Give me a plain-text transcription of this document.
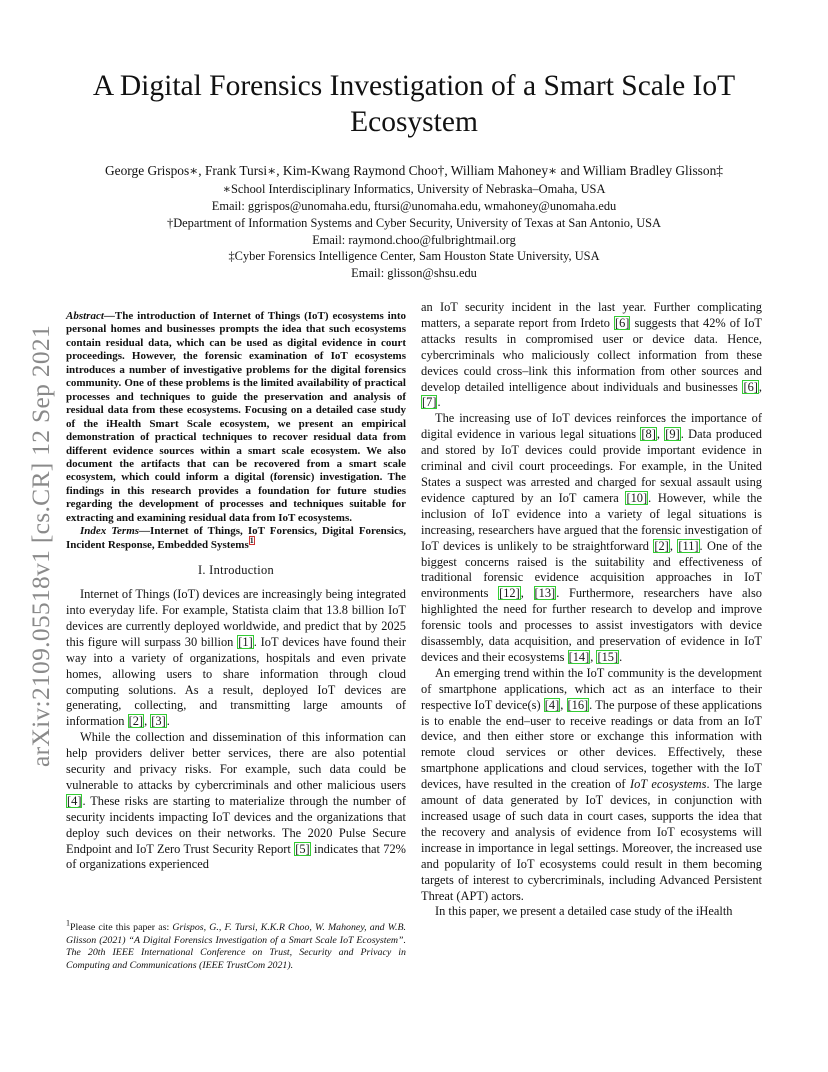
A Digital Forensics Investigation of a Smart Scale IoT Ecosystem
George Grispos∗, Frank Tursi∗, Kim-Kwang Raymond Choo†, William Mahoney∗ and William Bradley Glisson‡
∗School Interdisciplinary Informatics, University of Nebraska–Omaha, USA
Email: ggrispos@unomaha.edu, ftursi@unomaha.edu, wmahoney@unomaha.edu
†Department of Information Systems and Cyber Security, University of Texas at San Antonio, USA
Email: raymond.choo@fulbrightmail.org
‡Cyber Forensics Intelligence Center, Sam Houston State University, USA
Email: glisson@shsu.edu
arXiv:2109.05518v1 [cs.CR] 12 Sep 2021

Abstract—The introduction of Internet of Things (IoT) ecosystems into personal homes and businesses prompts the idea that such ecosystems contain residual data, which can be used as digital evidence in court proceedings. However, the forensic examination of IoT ecosystems introduces a number of investigative problems for the digital forensics community. One of these problems is the limited availability of practical processes and techniques to guide the preservation and analysis of residual data from these ecosystems. Focusing on a detailed case study of the iHealth Smart Scale ecosystem, we present an empirical demonstration of practical techniques to recover residual data from different evidence sources within a smart scale ecosystem. We also document the artifacts that can be recovered from a smart scale ecosystem, which could inform a digital (forensic) investigation. The findings in this research provides a foundation for future studies regarding the development of processes and techniques suitable for extracting and examining residual data from IoT ecosystems.

Index Terms—Internet of Things, IoT Forensics, Digital Forensics, Incident Response, Embedded Systems$^1$

I. Introduction

Internet of Things (IoT) devices are increasingly being integrated into everyday life. For example, Statista claim that 13.8 billion IoT devices are currently deployed worldwide, and predict that by 2025 this figure will surpass 30 billion [1]. IoT devices have found their way into a variety of organizations, hospitals and even private homes, allowing users to share information through cloud computing solutions. As a result, deployed IoT devices are generating, collecting, and transmitting large amounts of information [2], [3].

While the collection and dissemination of this information can help providers deliver better services, there are also potential security and privacy risks. For example, such data could be vulnerable to attacks by cybercriminals and other malicious users [4]. These risks are starting to materialize through the number of security incidents impacting IoT devices and the organizations that deploy such devices on their networks. The 2020 Pulse Secure Endpoint and IoT Zero Trust Security Report [5] indicates that 72% of organizations experienced

$^1$Please cite this paper as: Grispos, G., F. Tursi, K.K.R Choo, W. Mahoney, and W.B. Glisson (2021) “A Digital Forensics Investigation of a Smart Scale IoT Ecosystem”. The 20th IEEE International Conference on Trust, Security and Privacy in Computing and Communications (IEEE TrustCom 2021).

an IoT security incident in the last year. Further complicating matters, a separate report from Irdeto [6] suggests that 42% of IoT attacks results in compromised user or device data. Hence, cybercriminals who maliciously collect information from these devices could cross–link this information from other sources and develop detailed intelligence about individuals and businesses [6], [7].

The increasing use of IoT devices reinforces the importance of digital evidence in various legal situations [8], [9]. Data produced and stored by IoT devices could provide important evidence in criminal and civil court proceedings. For example, in the United States a suspect was arrested and charged for sexual assault using evidence captured by an IoT camera [10]. However, while the inclusion of IoT evidence into a variety of legal situations is increasing, researchers have argued that the forensic investigation of IoT devices is unlikely to be straightforward [2], [11]. One of the biggest concerns raised is the suitability and effectiveness of traditional forensic evidence acquisition approaches in IoT environments [12], [13]. Furthermore, researchers have also highlighted the need for further research to develop and improve forensic tools and processes to assist investigators with device disassembly, data acquisition, and preservation of evidence in IoT devices and their ecosystems [14], [15].

An emerging trend within the IoT community is the development of smartphone applications, which act as an interface to their respective IoT device(s) [4], [16]. The purpose of these applications is to enable the end–user to receive readings or data from an IoT device, and then either store or exchange this information with remote cloud services or other devices. Effectively, these smartphone applications and cloud services, together with the IoT devices, have resulted in the creation of IoT ecosystems. The large amount of data generated by IoT devices, in conjunction with increased usage of such data in court cases, supports the idea that the recovery and analysis of evidence from IoT ecosystems will increase in importance in legal settings. Moreover, the increased use and popularity of IoT ecosystems could result in them becoming targets of interest to cybercriminals, including Advanced Persistent Threat (APT) actors.

In this paper, we present a detailed case study of the iHealth
